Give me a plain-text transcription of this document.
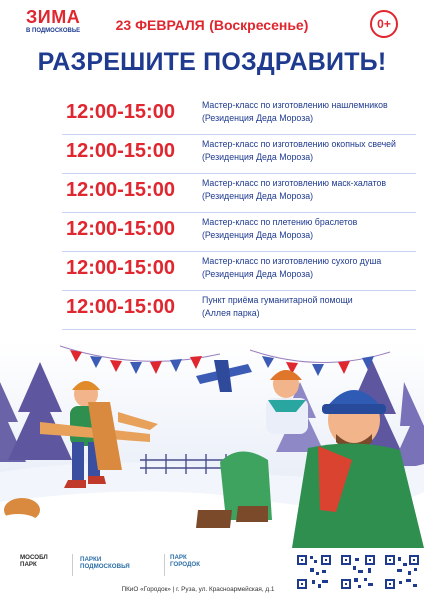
ЗИМА
В ПОДМОСКОВЬЕ	23 ФЕВРАЛЯ (Воскресенье)	0+
РАЗРЕШИТЕ ПОЗДРАВИТЬ!
12:00-15:00	Мастер-класс по изготовлению нашлемников
(Резиденция Деда Мороза)
12:00-15:00	Мастер-класс по изготовлению окопных свечей
(Резиденция Деда Мороза)
12:00-15:00	Мастер-класс по изготовлению маск-халатов
(Резиденция Деда Мороза)
12:00-15:00	Мастер-класс по плетению браслетов
(Резиденция Деда Мороза)
12:00-15:00	Мастер-класс по изготовлению сухого душа
(Резиденция Деда Мороза)
12:00-15:00	Пункт приёма гуманитарной помощи
(Аллея парка)
МОСОБЛ
ПАРК
ПАРКИ
ПОДМОСКОВЬЯ
ПАРК
ГОРОДОК
ПКиО «Городок» | г. Руза, ул. Красноармейская, д.1
